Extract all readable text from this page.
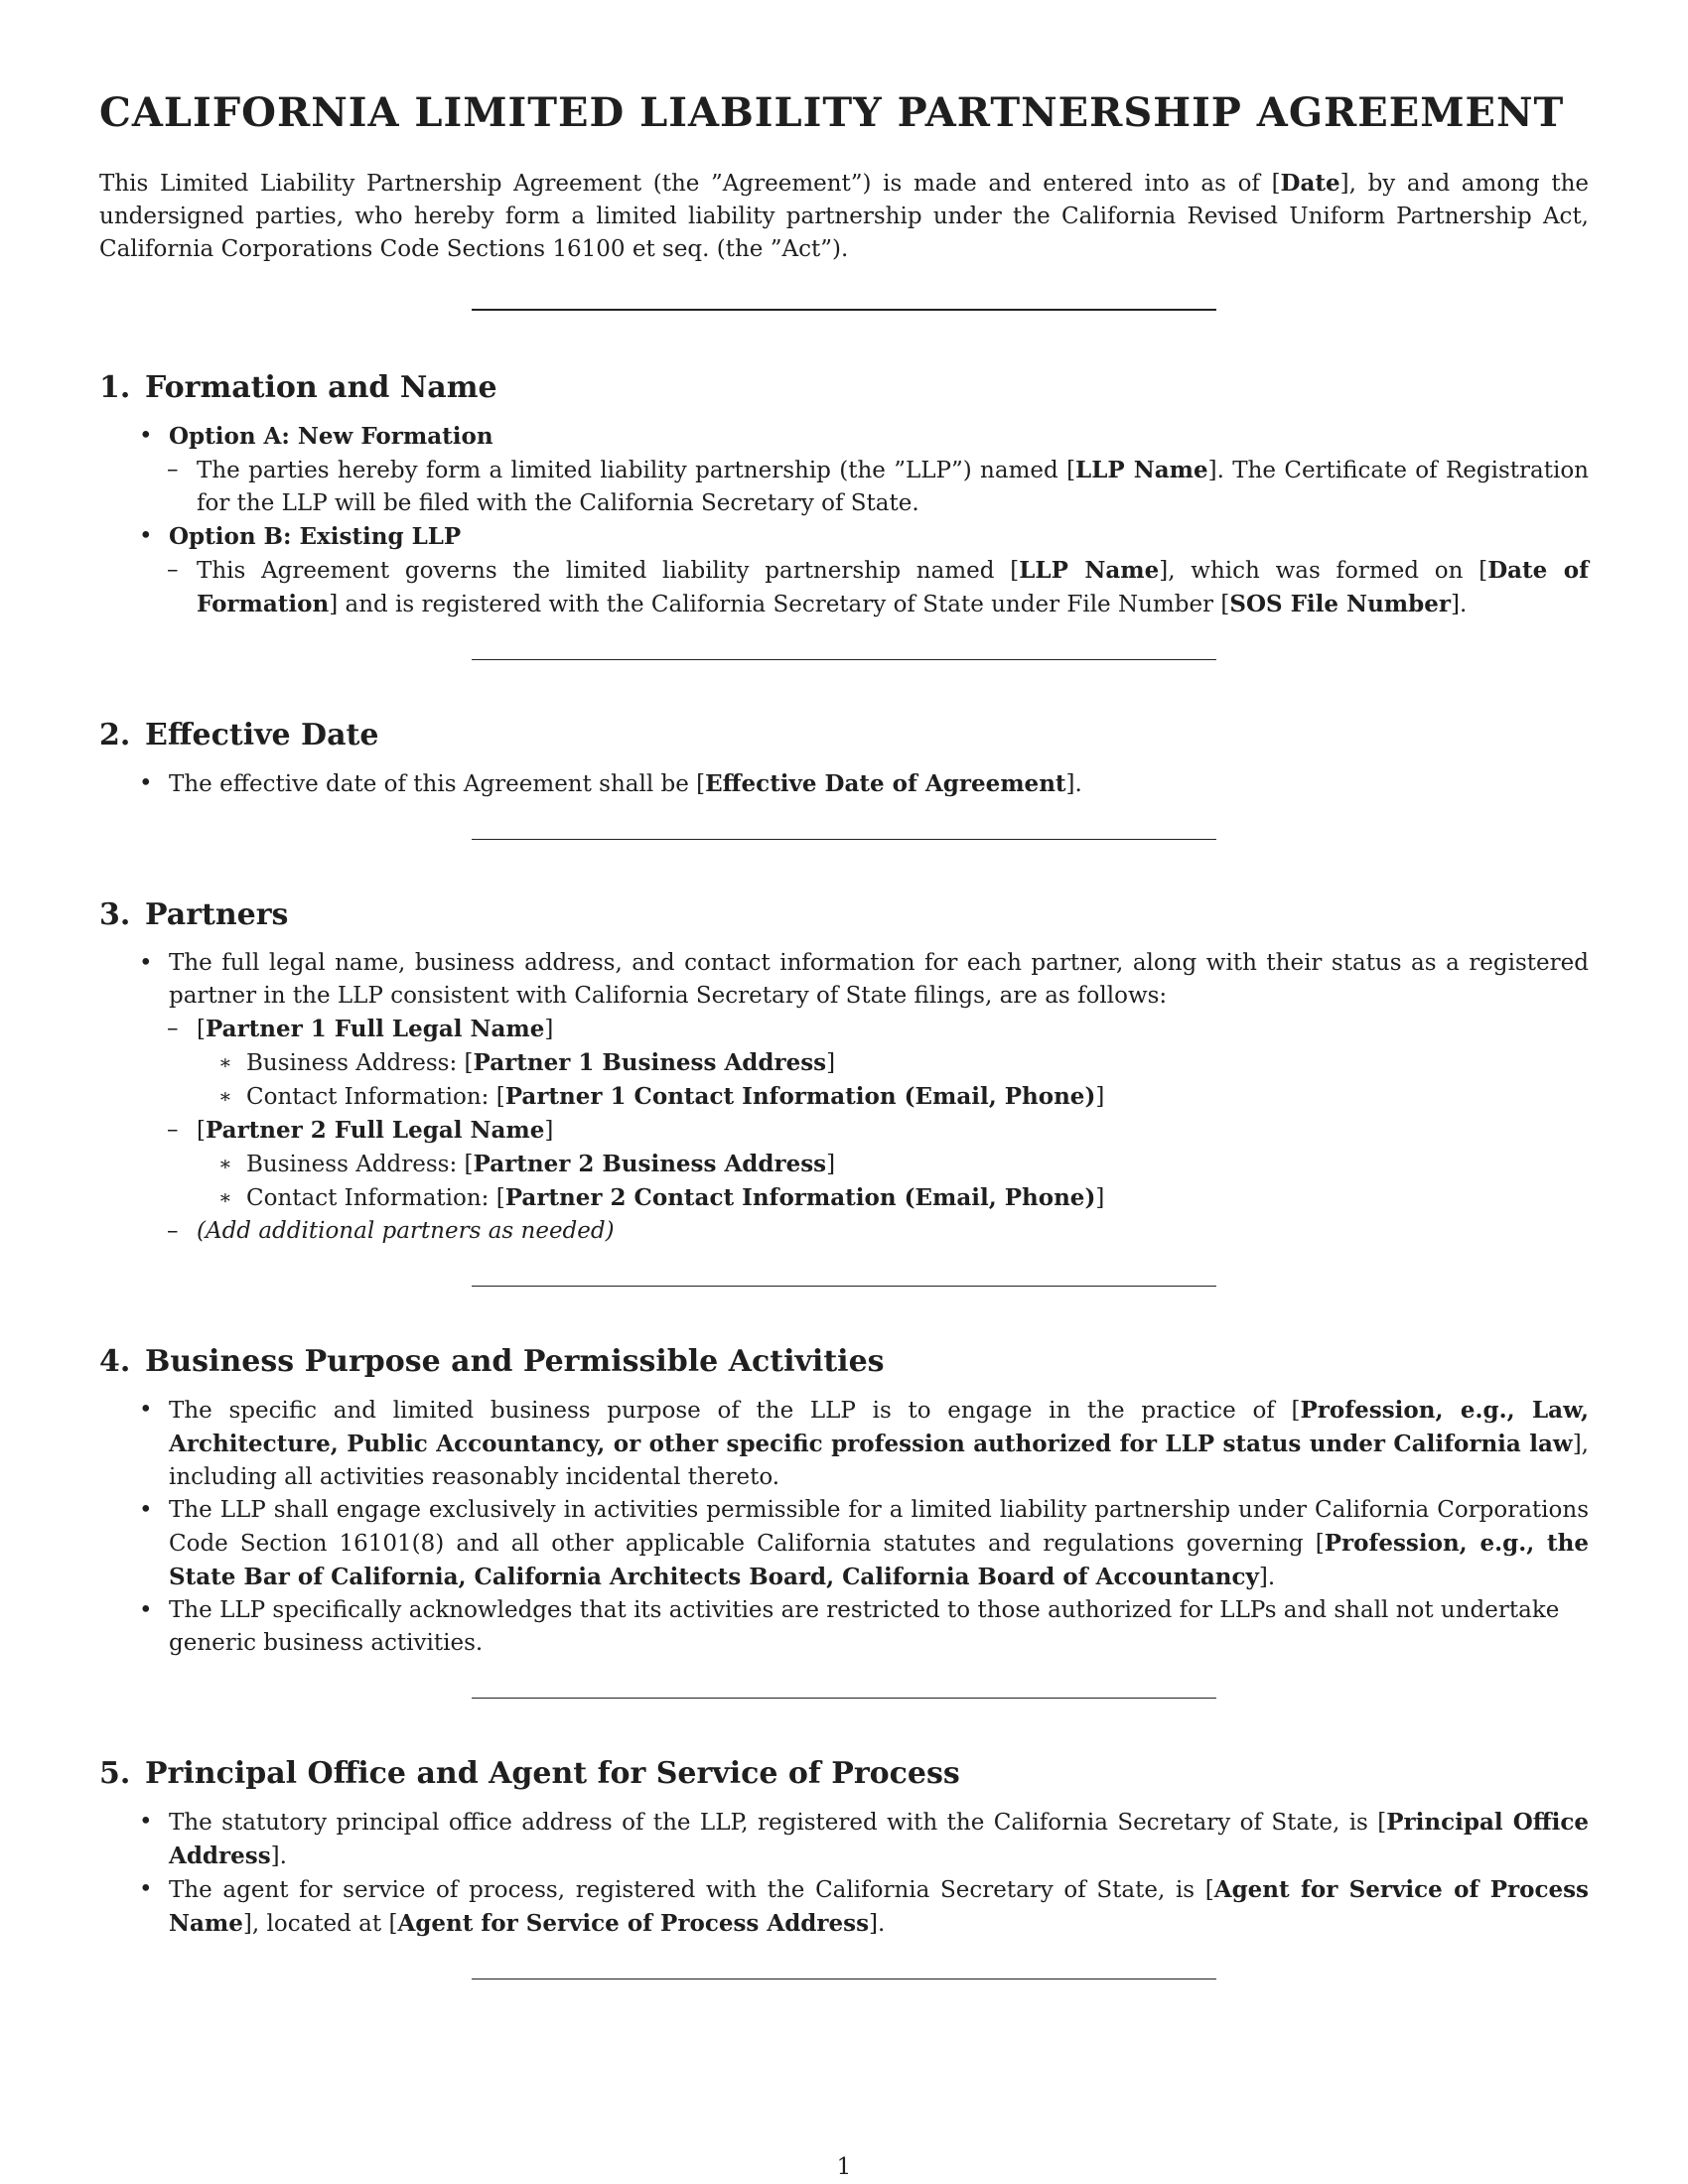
CALIFORNIA LIMITED LIABILITY PARTNERSHIP AGREEMENT

This Limited Liability Partnership Agreement (the ”Agreement”) is made and entered into as of [Date], by and among the undersigned parties, who hereby form a limited liability partnership under the California Revised Uniform Partnership Act, California Corporations Code Sections 16100 et seq. (the ”Act”).

1. Formation and Name
• Option A: New Formation
– The parties hereby form a limited liability partnership (the ”LLP”) named [LLP Name]. The Certificate of Registration for the LLP will be filed with the California Secretary of State.
• Option B: Existing LLP
– This Agreement governs the limited liability partnership named [LLP Name], which was formed on [Date of Formation] and is registered with the California Secretary of State under File Number [SOS File Number].
2. Effective Date
• The effective date of this Agreement shall be [Effective Date of Agreement].
3. Partners
• The full legal name, business address, and contact information for each partner, along with their status as a registered partner in the LLP consistent with California Secretary of State filings, are as follows:
– [Partner 1 Full Legal Name]
∗ Business Address: [Partner 1 Business Address]
∗ Contact Information: [Partner 1 Contact Information (Email, Phone)]
– [Partner 2 Full Legal Name]
∗ Business Address: [Partner 2 Business Address]
∗ Contact Information: [Partner 2 Contact Information (Email, Phone)]
– (Add additional partners as needed)
4. Business Purpose and Permissible Activities
• The specific and limited business purpose of the LLP is to engage in the practice of [Profession, e.g., Law, Architecture, Public Accountancy, or other specific profession authorized for LLP status under California law], including all activities reasonably incidental thereto.
• The LLP shall engage exclusively in activities permissible for a limited liability partnership under California Corporations Code Section 16101(8) and all other applicable California statutes and regulations governing [Profession, e.g., the State Bar of California, California Architects Board, California Board of Accountancy].
• The LLP specifically acknowledges that its activities are restricted to those authorized for LLPs and shall not undertake generic business activities.
5. Principal Office and Agent for Service of Process
• The statutory principal office address of the LLP, registered with the California Secretary of State, is [Principal Office Address].
• The agent for service of process, registered with the California Secretary of State, is [Agent for Service of Process Name], located at [Agent for Service of Process Address].
1
